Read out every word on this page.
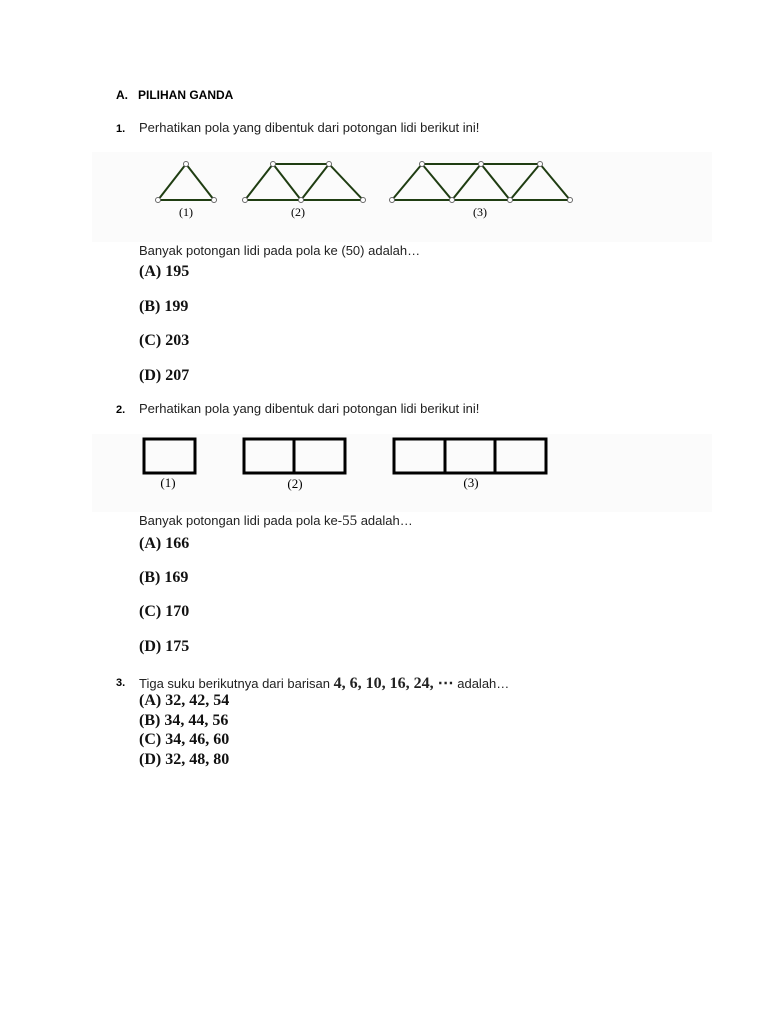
A. PILIHAN GANDA
1. Perhatikan pola yang dibentuk dari potongan lidi berikut ini!
(1)	(2)	(3)
Banyak potongan lidi pada pola ke (50) adalah…
(A) 195
(B) 199
(C) 203
(D) 207
2. Perhatikan pola yang dibentuk dari potongan lidi berikut ini!
(1)	(2)	(3)
Banyak potongan lidi pada pola ke-55 adalah…
(A) 166
(B) 169
(C) 170
(D) 175
3. Tiga suku berikutnya dari barisan 4, 6, 10, 16, 24, ⋯ adalah…
(A) 32, 42, 54
(B) 34, 44, 56
(C) 34, 46, 60
(D) 32, 48, 80
